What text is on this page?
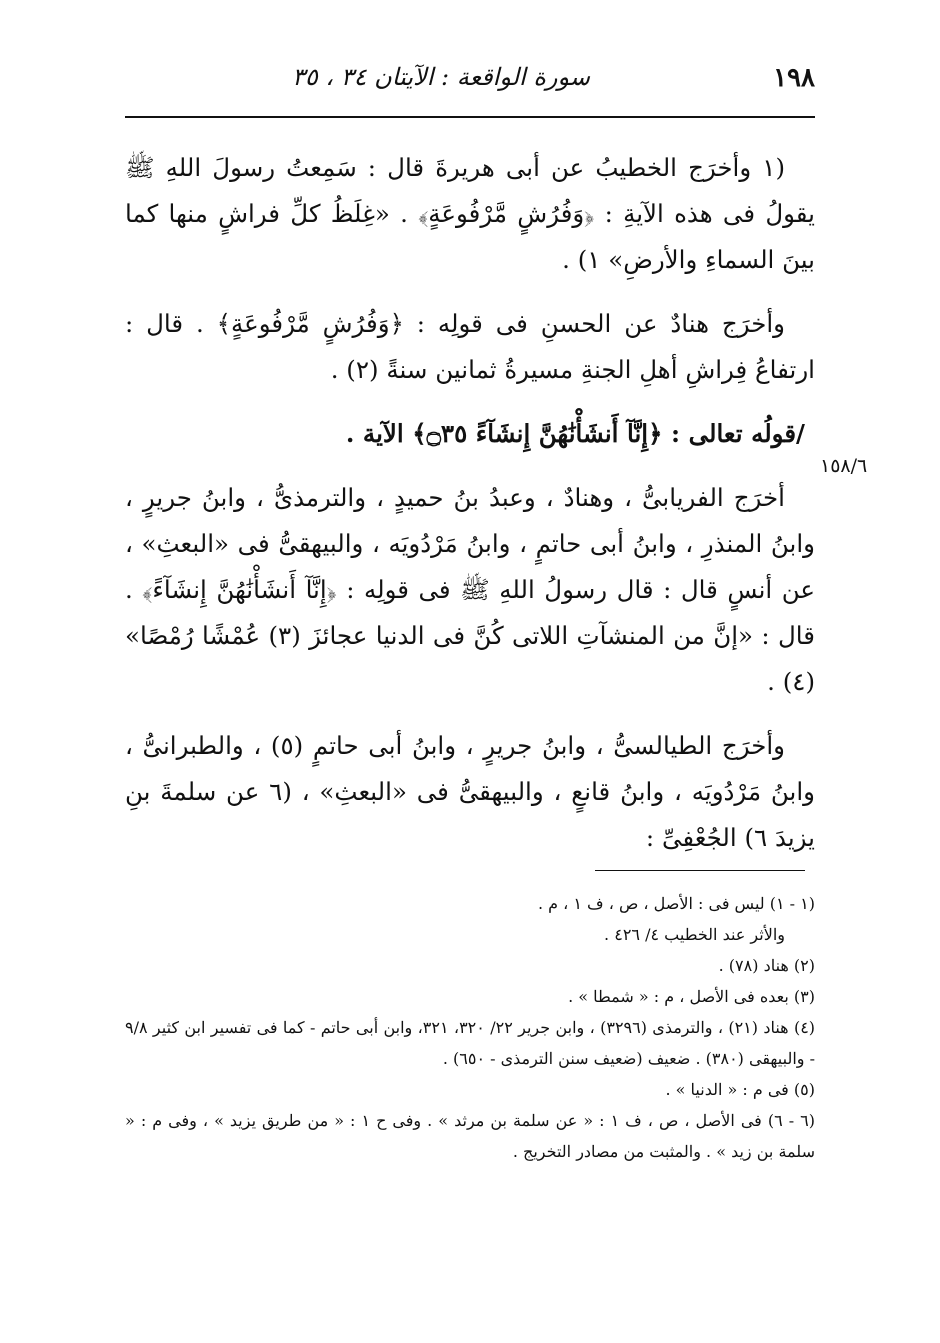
١٩٨
سورة الواقعة : الآيتان ٣٤ ، ٣٥
١٥٨/٦

(١ وأخرَج الخطيبُ عن أبى هريرةَ قال : سَمِعتُ رسولَ اللهِ ﷺ يقولُ فى هذه الآيةِ : ﴿وَفُرُشٍ مَّرْفُوعَةٍ﴾ . «غِلَظُ كلِّ فراشٍ منها كما بينَ السماءِ والأرضِ» ١) .

وأخرَج هنادٌ عن الحسنِ فى قولِه : ﴿وَفُرُشٍ مَّرْفُوعَةٍ﴾ . قال : ارتفاعُ فِراشِ أهلِ الجنةِ مسيرةُ ثمانين سنةً (٢) .

/قولُه تعالى : ﴿إِنَّآ أَنشَأْنَٰهُنَّ إِنشَآءً ۝٣٥﴾ الآية .

أخرَج الفريابىُّ ، وهنادٌ ، وعبدُ بنُ حميدٍ ، والترمذىُّ ، وابنُ جريرٍ ، وابنُ المنذرِ ، وابنُ أبى حاتمٍ ، وابنُ مَرْدُويَه ، والبيهقىُّ فى «البعثِ» ، عن أنسٍ قال : قال رسولُ اللهِ ﷺ فى قولِه : ﴿إِنَّآ أَنشَأْنَٰهُنَّ إِنشَآءً﴾ . قال : «إنَّ من المنشآتِ اللاتى كُنَّ فى الدنيا عجائزَ (٣) عُمْشًا رُمْصًا» (٤) .

وأخرَج الطيالسىُّ ، وابنُ جريرٍ ، وابنُ أبى حاتمٍ (٥) ، والطبرانىُّ ، وابنُ مَرْدُويَه ، وابنُ قانعٍ ، والبيهقىُّ فى «البعثِ» ، (٦ عن سلمةَ بنِ يزيدَ ٦) الجُعْفِىِّ :

(١ - ١) ليس فى : الأصل ، ص ، ف ١ ، م .

والأثر عند الخطيب ٤/ ٤٢٦ .

(٢) هناد (٧٨) .

(٣) بعده فى الأصل ، م : « شمطا » .

(٤) هناد (٢١) ، والترمذى (٣٢٩٦) ، وابن جرير ٢٢/ ٣٢٠، ٣٢١، وابن أبى حاتم - كما فى تفسير ابن كثير ٩/٨ - والبيهقى (٣٨٠) . ضعيف (ضعيف سنن الترمذى - ٦٥٠) .

(٥) فى م : « الدنيا » .

(٦ - ٦) فى الأصل ، ص ، ف ١ : « عن سلمة بن مرثد » . وفى ح ١ : « من طريق يزيد » ، وفى م : « سلمة بن زيد » . والمثبت من مصادر التخريج .
